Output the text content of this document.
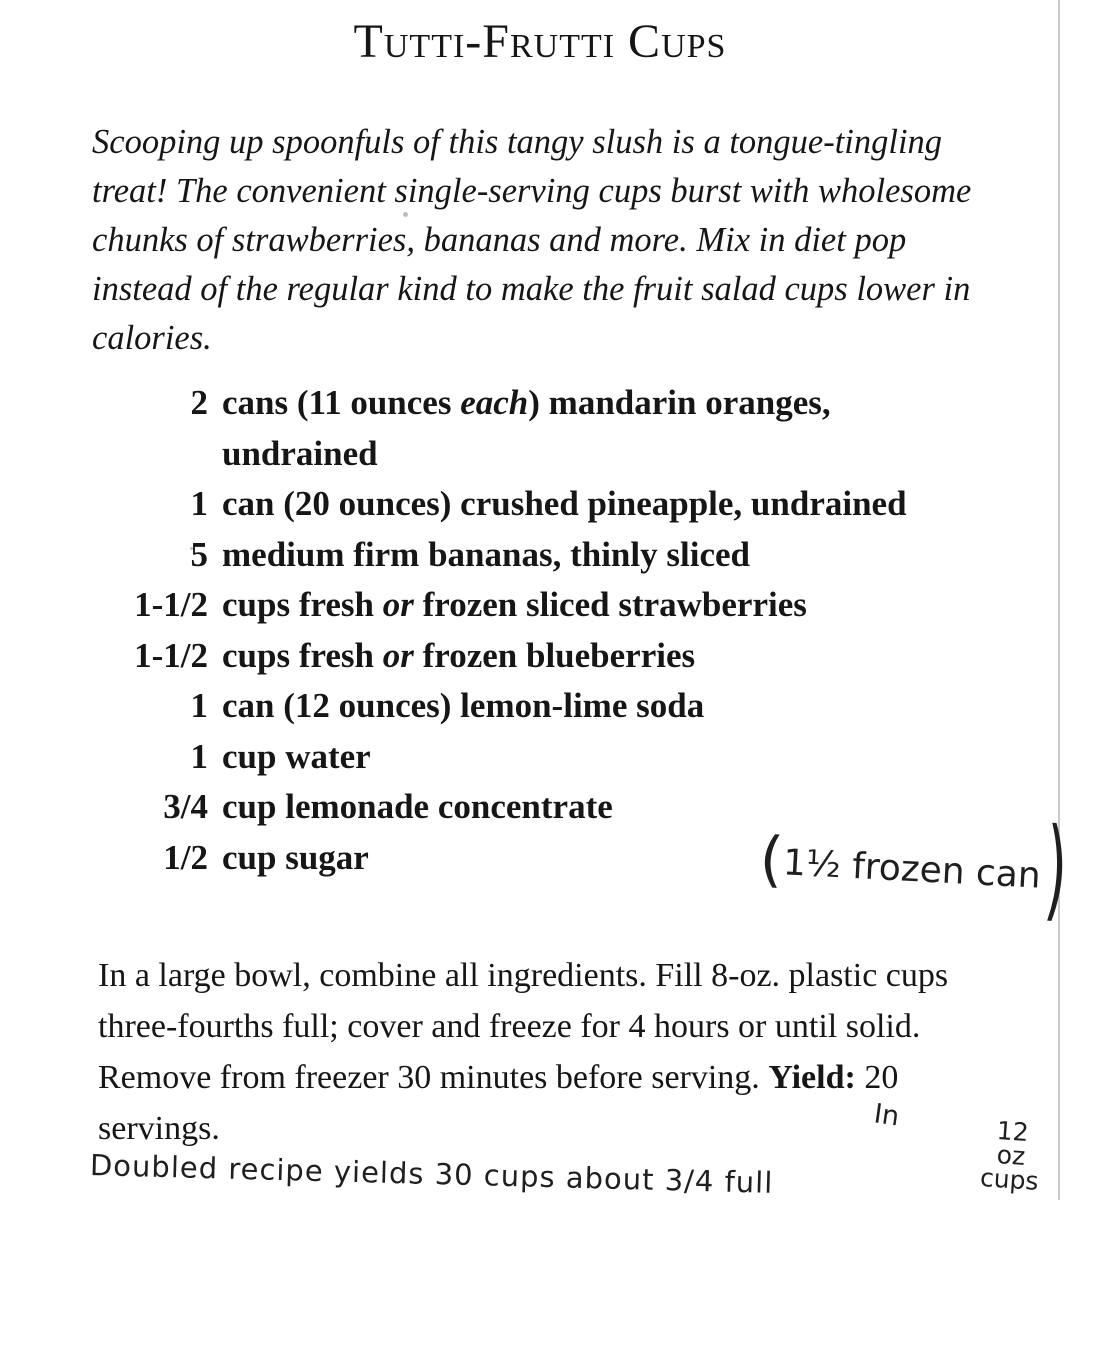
Tutti-Frutti Cups

Scooping up spoonfuls of this tangy slush is a tongue-tingling treat! The convenient single-serving cups burst with wholesome chunks of strawberries, bananas and more. Mix in diet pop instead of the regular kind to make the fruit salad cups lower in calories.

2 cans (11 ounces each) mandarin oranges, undrained
1 can (20 ounces) crushed pineapple, undrained
5 medium firm bananas, thinly sliced
1-1/2 cups fresh or frozen sliced strawberries
1-1/2 cups fresh or frozen blueberries
1 can (12 ounces) lemon-lime soda
1 cup water
3/4 cup lemonade concentrate
1/2 cup sugar

In a large bowl, combine all ingredients. Fill 8-oz. plastic cups three-fourths full; cover and freeze for 4 hours or until solid. Remove from freezer 30 minutes before serving. Yield: 20 servings.

(1½ frozen can)
In	12
oz
cups
Doubled recipe yields 30 cups about 3/4 full
